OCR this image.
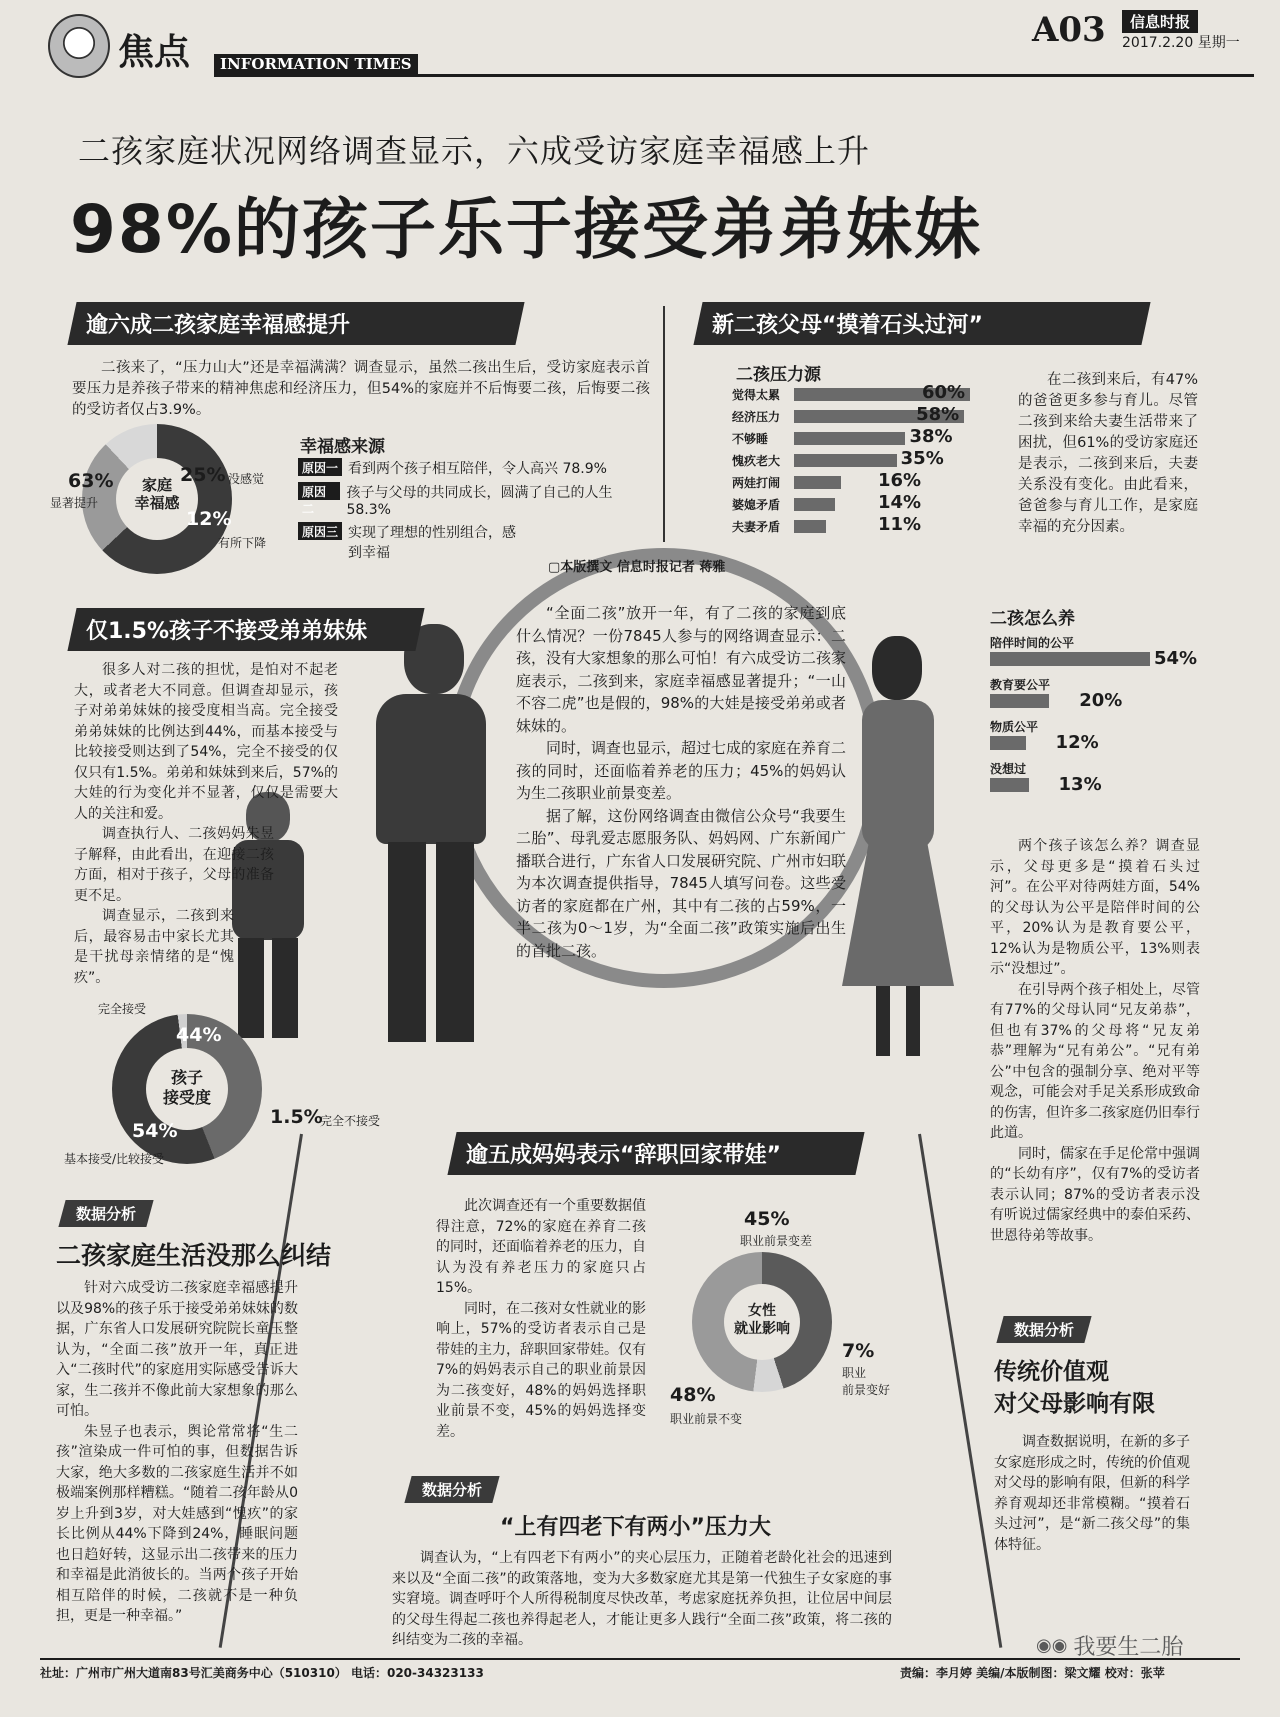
焦点	INFORMATION TIMES
A03	信息时报
2017.2.20 星期一
二孩家庭状况网络调查显示，六成受访家庭幸福感上升
98%的孩子乐于接受弟弟妹妹
逾六成二孩家庭幸福感提升
二孩来了，“压力山大”还是幸福满满？调查显示，虽然二孩出生后，受访家庭表示首要压力是养孩子带来的精神焦虑和经济压力，但54%的家庭并不后悔要二孩，后悔要二孩的受访者仅占3.9%。
家庭
幸福感
63%
显著提升
25% 没感觉
12%
有所下降
幸福感来源
原因一 看到两个孩子相互陪伴，令人高兴 78.9%
原因二
孩子与父母的共同成长，圆满了自己的人生 58.3%
原因三 实现了理想的性别组合，感到幸福
新二孩父母“摸着石头过河”
二孩压力源
觉得太累	60%
经济压力	58%
不够睡	38%
愧疚老大	35%
两娃打闹	16%
婆媳矛盾	14%
夫妻矛盾	11%
在二孩到来后，有47%的爸爸更多参与育儿。尽管二孩到来给夫妻生活带来了困扰，但61%的受访家庭还是表示，二孩到来后，夫妻关系没有变化。由此看来，爸爸参与育儿工作，是家庭幸福的充分因素。
▢本版撰文 信息时报记者 蒋雅

“全面二孩”放开一年，有了二孩的家庭到底什么情况？一份7845人参与的网络调查显示：二孩，没有大家想象的那么可怕！有六成受访二孩家庭表示，二孩到来，家庭幸福感显著提升；“一山不容二虎”也是假的，98%的大娃是接受弟弟或者妹妹的。

同时，调查也显示，超过七成的家庭在养育二孩的同时，还面临着养老的压力；45%的妈妈认为生二孩职业前景变差。

据了解，这份网络调查由微信公众号“我要生二胎”、母乳爱志愿服务队、妈妈网、广东新闻广播联合进行，广东省人口发展研究院、广州市妇联为本次调查提供指导，7845人填写问卷。这些受访者的家庭都在广州，其中有二孩的占59%，一半二孩为0～1岁，为“全面二孩”政策实施后出生的首批二孩。

仅1.5%孩子不接受弟弟妹妹

很多人对二孩的担忧，是怕对不起老大，或者老大不同意。但调查却显示，孩子对弟弟妹妹的接受度相当高。完全接受弟弟妹妹的比例达到44%，而基本接受与比较接受则达到了54%，完全不接受的仅仅只有1.5%。弟弟和妹妹到来后，57%的大娃的行为变化并不显著，仅仅是需要大人的关注和爱。

调查执行人、二孩妈妈朱昱子解释，由此看出，在迎接二孩方面，相对于孩子，父母的准备更不足。

调查显示，二孩到来后，最容易击中家长尤其是干扰母亲情绪的是“愧疚”。

孩子
接受度
完全接受
44%
54%
基本接受/比较接受
1.5%
完全不接受
二孩怎么养
陪伴时间的公平
54%
教育要公平
20%
物质公平
12%
没想过
13%

两个孩子该怎么养？调查显示，父母更多是“摸着石头过河”。在公平对待两娃方面，54%的父母认为公平是陪伴时间的公平，20%认为是教育要公平，12%认为是物质公平，13%则表示“没想过”。

在引导两个孩子相处上，尽管有77%的父母认同“兄友弟恭”，但也有37%的父母将“兄友弟恭”理解为“兄有弟公”。“兄有弟公”中包含的强制分享、绝对平等观念，可能会对手足关系形成致命的伤害，但许多二孩家庭仍旧奉行此道。

同时，儒家在手足伦常中强调的“长幼有序”，仅有7%的受访者表示认同；87%的受访者表示没有听说过儒家经典中的泰伯采药、世恩待弟等故事。

逾五成妈妈表示“辞职回家带娃”

此次调查还有一个重要数据值得注意，72%的家庭在养育二孩的同时，还面临着养老的压力，自认为没有养老压力的家庭只占15%。

同时，在二孩对女性就业的影响上，57%的受访者表示自己是带娃的主力，辞职回家带娃。仅有7%的妈妈表示自己的职业前景因为二孩变好，48%的妈妈选择职业前景不变，45%的妈妈选择变差。

女性
就业影响
45%
职业前景变差
7%
职业
前景变好
48%
职业前景不变
数据分析
二孩家庭生活没那么纠结

针对六成受访二孩家庭幸福感提升以及98%的孩子乐于接受弟弟妹妹的数据，广东省人口发展研究院院长童玉整认为，“全面二孩”放开一年，真正进入“二孩时代”的家庭用实际感受告诉大家，生二孩并不像此前大家想象的那么可怕。

朱昱子也表示，舆论常常将“生二孩”渲染成一件可怕的事，但数据告诉大家，绝大多数的二孩家庭生活并不如极端案例那样糟糕。“随着二孩年龄从0岁上升到3岁，对大娃感到“愧疚”的家长比例从44%下降到24%，睡眠问题也日趋好转，这显示出二孩带来的压力和幸福是此消彼长的。当两个孩子开始相互陪伴的时候，二孩就不是一种负担，更是一种幸福。”

数据分析
“上有四老下有两小”压力大
调查认为，“上有四老下有两小”的夹心层压力，正随着老龄化社会的迅速到来以及“全面二孩”的政策落地，变为大多数家庭尤其是第一代独生子女家庭的事实窘境。调查呼吁个人所得税制度尽快改革，考虑家庭抚养负担，让位居中间层的父母生得起二孩也养得起老人，才能让更多人践行“全面二孩”政策，将二孩的纠结变为二孩的幸福。
数据分析
传统价值观
对父母影响有限
调查数据说明，在新的多子女家庭形成之时，传统的价值观对父母的影响有限，但新的科学养育观却还非常模糊。“摸着石头过河”，是“新二孩父母”的集体特征。
社址：广州市广州大道南83号汇美商务中心（510310） 电话：020-34323133	责编：李月婷 美编/本版制图：梁文耀 校对：张苹
◉◉ 我要生二胎
